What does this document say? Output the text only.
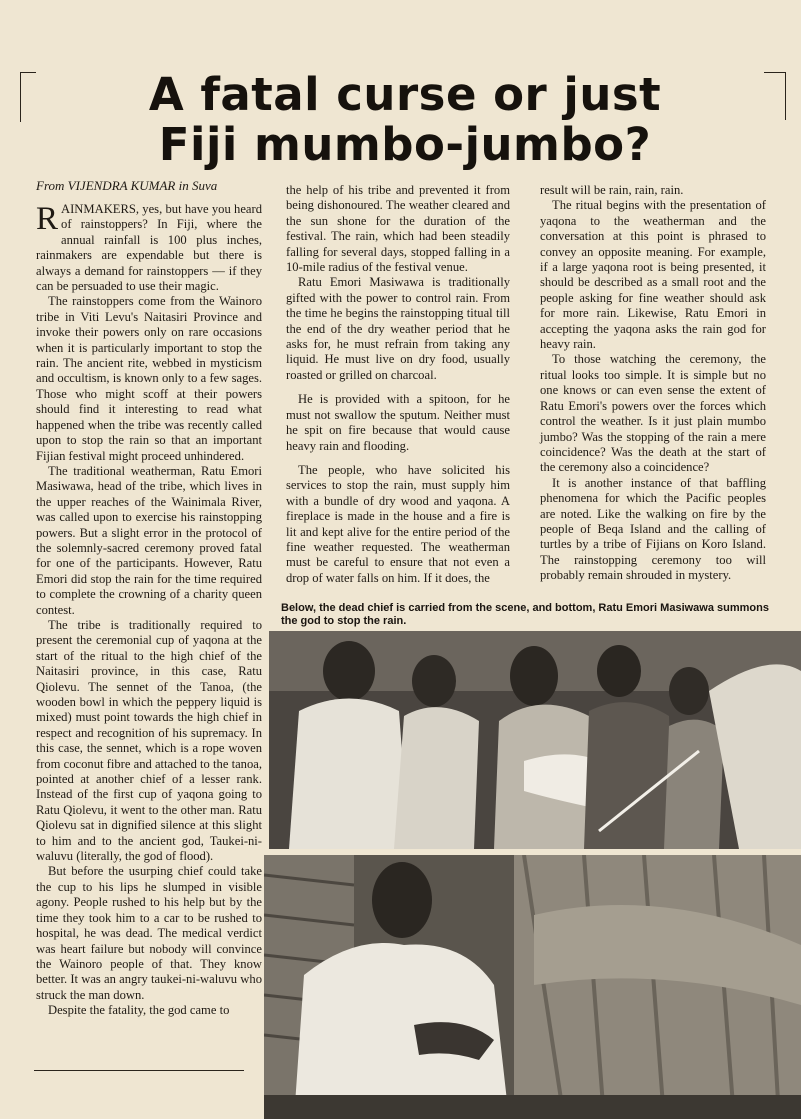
A fatal curse or just
Fiji mumbo-jumbo?
From VIJENDRA KUMAR in Suva

RAINMAKERS, yes, but have you heard of rainstoppers? In Fiji, where the annual rainfall is 100 plus inches, rainmakers are expendable but there is always a demand for rainstoppers — if they can be persuaded to use their magic.

The rainstoppers come from the Wainoro tribe in Viti Levu's Naitasiri Province and invoke their powers only on rare occasions when it is particularly important to stop the rain. The ancient rite, webbed in mysticism and occultism, is known only to a few sages. Those who might scoff at their powers should find it interesting to read what happened when the tribe was recently called upon to stop the rain so that an important Fijian festival might proceed unhindered.

The traditional weatherman, Ratu Emori Masiwawa, head of the tribe, which lives in the upper reaches of the Wainimala River, was called upon to exercise his rainstopping powers. But a slight error in the protocol of the solemnly-sacred ceremony proved fatal for one of the participants. However, Ratu Emori did stop the rain for the time required to complete the crowning of a charity queen contest.

The tribe is traditionally required to present the ceremonial cup of yaqona at the start of the ritual to the high chief of the Naitasiri province, in this case, Ratu Qiolevu. The sennet of the Tanoa, (the wooden bowl in which the peppery liquid is mixed) must point towards the high chief in respect and recognition of his supremacy. In this case, the sennet, which is a rope woven from coconut fibre and attached to the tanoa, pointed at another chief of a lesser rank. Instead of the first cup of yaqona going to Ratu Qiolevu, it went to the other man. Ratu Qiolevu sat in dignified silence at this slight to him and to the ancient god, Taukei-ni-waluvu (literally, the god of flood).

But before the usurping chief could take the cup to his lips he slumped in visible agony. People rushed to his help but by the time they took him to a car to be rushed to hospital, he was dead. The medical verdict was heart failure but nobody will convince the Wainoro people of that. They know better. It was an angry taukei-ni-waluvu who struck the man down.

Despite the fatality, the god came to

the help of his tribe and prevented it from being dishonoured. The weather cleared and the sun shone for the duration of the festival. The rain, which had been steadily falling for several days, stopped falling in a 10-mile radius of the festival venue.

Ratu Emori Masiwawa is traditionally gifted with the power to control rain. From the time he begins the rainstopping titual till the end of the dry weather period that he asks for, he must refrain from taking any liquid. He must live on dry food, usually roasted or grilled on charcoal.

He is provided with a spitoon, for he must not swallow the sputum. Neither must he spit on fire because that would cause heavy rain and flooding.

The people, who have solicited his services to stop the rain, must supply him with a bundle of dry wood and yaqona. A fireplace is made in the house and a fire is lit and kept alive for the entire period of the fine weather requested. The weatherman must be careful to ensure that not even a drop of water falls on him. If it does, the

result will be rain, rain, rain.

The ritual begins with the presentation of yaqona to the weatherman and the conversation at this point is phrased to convey an opposite meaning. For example, if a large yaqona root is being presented, it should be described as a small root and the people asking for fine weather should ask for more rain. Likewise, Ratu Emori in accepting the yaqona asks the rain god for heavy rain.

To those watching the ceremony, the ritual looks too simple. It is simple but no one knows or can even sense the extent of Ratu Emori's powers over the forces which control the weather. Is it just plain mumbo jumbo? Was the stopping of the rain a mere coincidence? Was the death at the start of the ceremony also a coincidence?

It is another instance of that baffling phenomena for which the Pacific peoples are noted. Like the walking on fire by the people of Beqa Island and the calling of turtles by a tribe of Fijians on Koro Island. The rainstopping ceremony too will probably remain shrouded in mystery.

Below, the dead chief is carried from the scene, and bottom, Ratu Emori Masiwawa summons the god to stop the rain.
